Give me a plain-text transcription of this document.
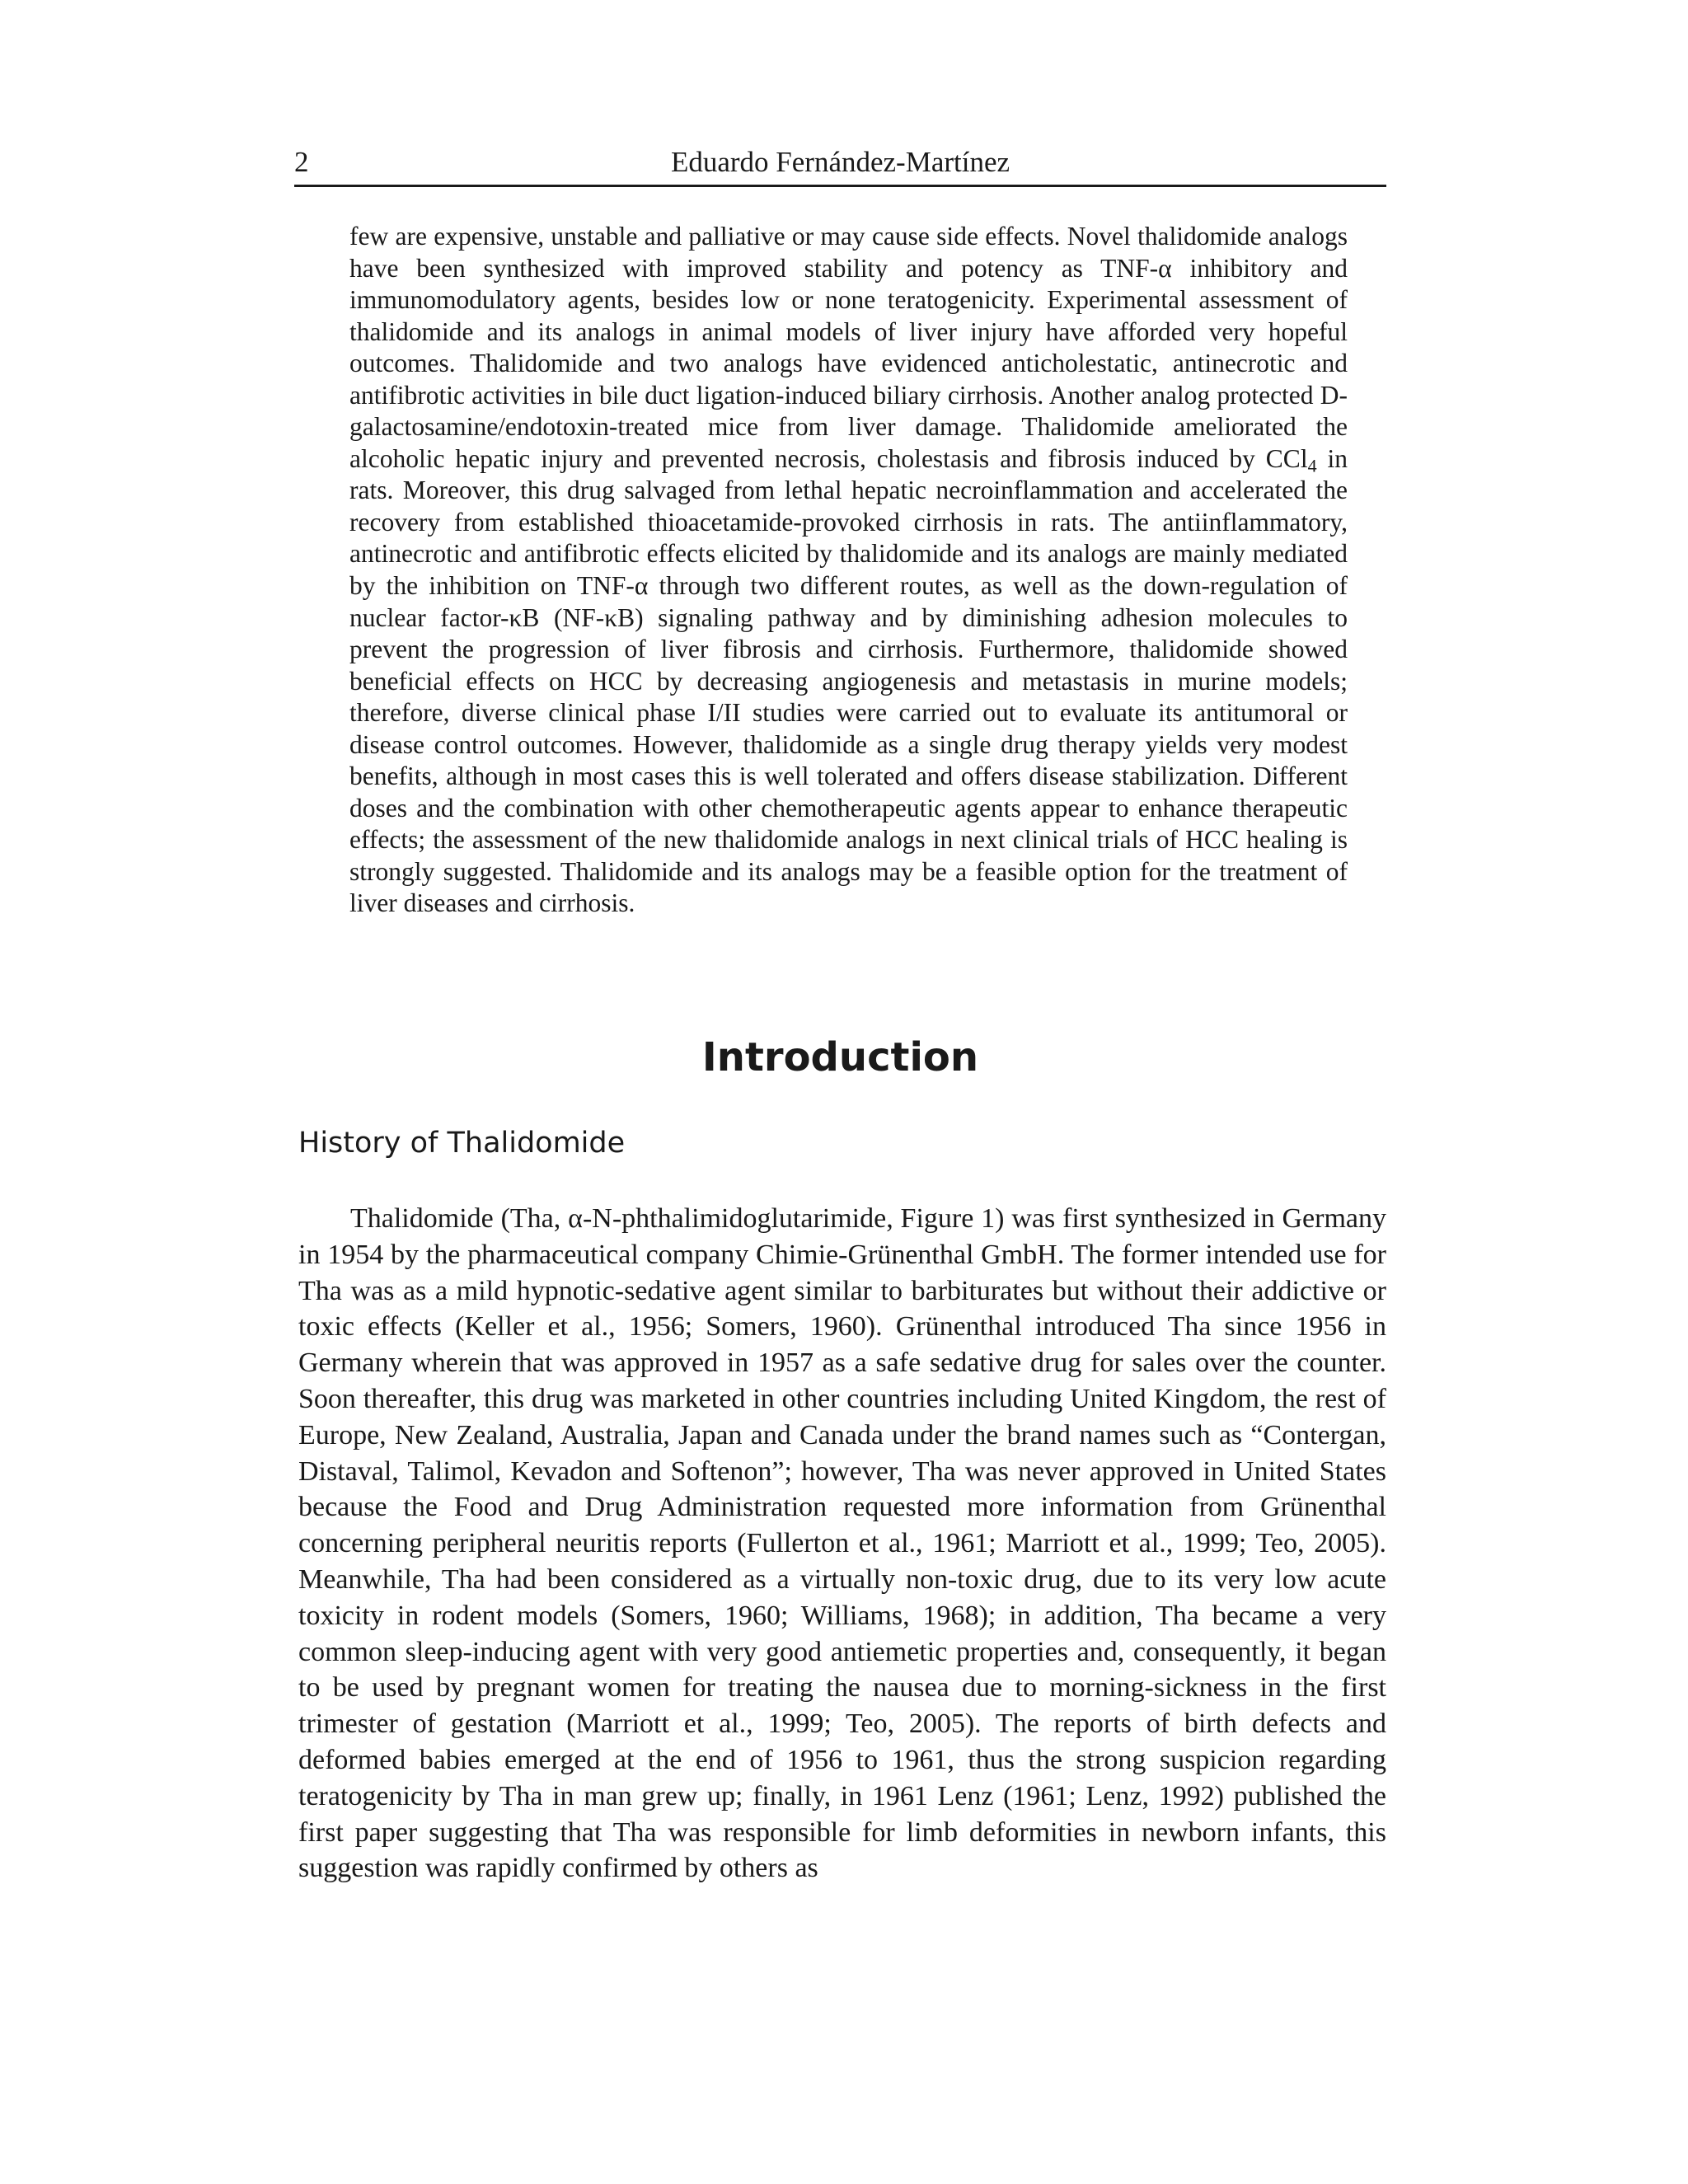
2	Eduardo Fernández-Martínez

few are expensive, unstable and palliative or may cause side effects. Novel thalidomide analogs have been synthesized with improved stability and potency as TNF-α inhibitory and immunomodulatory agents, besides low or none teratogenicity. Experimental assessment of thalidomide and its analogs in animal models of liver injury have afforded very hopeful outcomes. Thalidomide and two analogs have evidenced anticholestatic, antinecrotic and antifibrotic activities in bile duct ligation-induced biliary cirrhosis. Another analog protected D-galactosamine/endotoxin-treated mice from liver damage. Thalidomide ameliorated the alcoholic hepatic injury and prevented necrosis, cholestasis and fibrosis induced by CCl$_4$ in rats. Moreover, this drug salvaged from lethal hepatic necroinflammation and accelerated the recovery from established thioacetamide-provoked cirrhosis in rats. The antiinflammatory, antinecrotic and antifibrotic effects elicited by thalidomide and its analogs are mainly mediated by the inhibition on TNF-α through two different routes, as well as the down-regulation of nuclear factor-κB (NF-κB) signaling pathway and by diminishing adhesion molecules to prevent the progression of liver fibrosis and cirrhosis. Furthermore, thalidomide showed beneficial effects on HCC by decreasing angiogenesis and metastasis in murine models; therefore, diverse clinical phase I/II studies were carried out to evaluate its antitumoral or disease control outcomes. However, thalidomide as a single drug therapy yields very modest benefits, although in most cases this is well tolerated and offers disease stabilization. Different doses and the combination with other chemotherapeutic agents appear to enhance therapeutic effects; the assessment of the new thalidomide analogs in next clinical trials of HCC healing is strongly suggested. Thalidomide and its analogs may be a feasible option for the treatment of liver diseases and cirrhosis.

Introduction
History of Thalidomide

Thalidomide (Tha, α-N-phthalimidoglutarimide, Figure 1) was first synthesized in Germany in 1954 by the pharmaceutical company Chimie-Grünenthal GmbH. The former intended use for Tha was as a mild hypnotic-sedative agent similar to barbiturates but without their addictive or toxic effects (Keller et al., 1956; Somers, 1960). Grünenthal introduced Tha since 1956 in Germany wherein that was approved in 1957 as a safe sedative drug for sales over the counter. Soon thereafter, this drug was marketed in other countries including United Kingdom, the rest of Europe, New Zealand, Australia, Japan and Canada under the brand names such as “Contergan, Distaval, Talimol, Kevadon and Softenon”; however, Tha was never approved in United States because the Food and Drug Administration requested more information from Grünenthal concerning peripheral neuritis reports (Fullerton et al., 1961; Marriott et al., 1999; Teo, 2005). Meanwhile, Tha had been considered as a virtually non-toxic drug, due to its very low acute toxicity in rodent models (Somers, 1960; Williams, 1968); in addition, Tha became a very common sleep-inducing agent with very good antiemetic properties and, consequently, it began to be used by pregnant women for treating the nausea due to morning-sickness in the first trimester of gestation (Marriott et al., 1999; Teo, 2005). The reports of birth defects and deformed babies emerged at the end of 1956 to 1961, thus the strong suspicion regarding teratogenicity by Tha in man grew up; finally, in 1961 Lenz (1961; Lenz, 1992) published the first paper suggesting that Tha was responsible for limb deformities in newborn infants, this suggestion was rapidly confirmed by others as
